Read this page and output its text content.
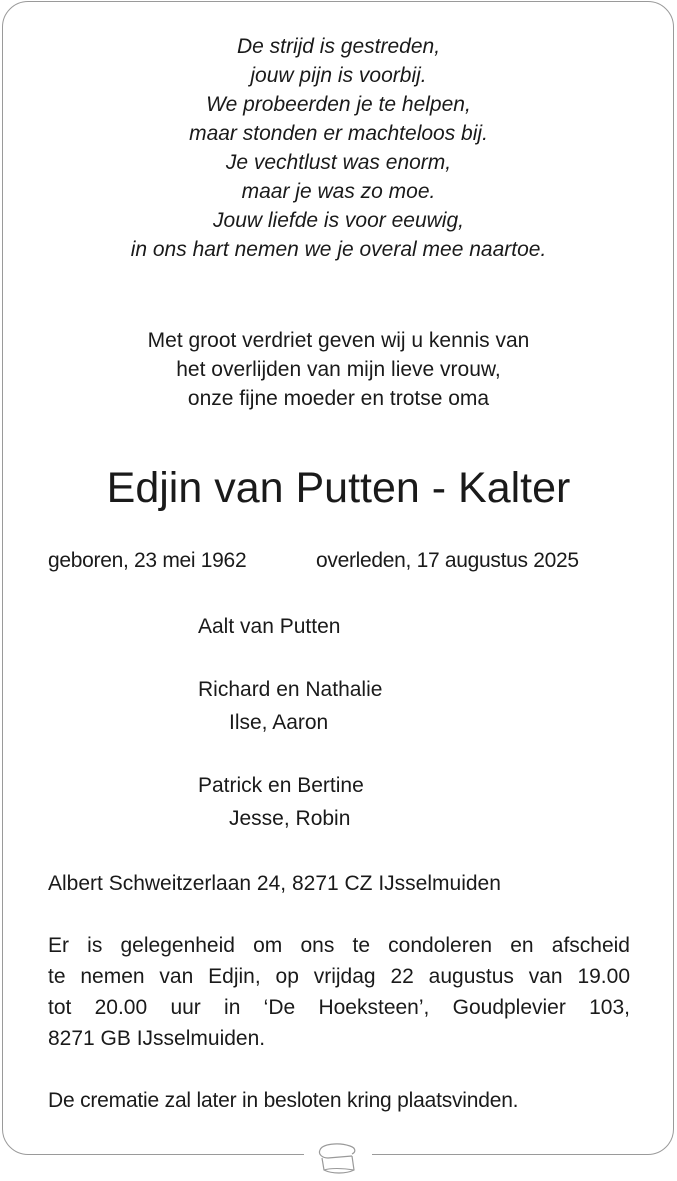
De strijd is gestreden,
jouw pijn is voorbij.
We probeerden je te helpen,
maar stonden er machteloos bij.
Je vechtlust was enorm,
maar je was zo moe.
Jouw liefde is voor eeuwig,
in ons hart nemen we je overal mee naartoe.
Met groot verdriet geven wij u kennis van
het overlijden van mijn lieve vrouw,
onze fijne moeder en trotse oma
Edjin van Putten - Kalter
geboren, 23 mei 1962	overleden, 17 augustus 2025
Aalt van Putten
Richard en Nathalie
Ilse, Aaron
Patrick en Bertine
Jesse, Robin
Albert Schweitzerlaan 24, 8271 CZ IJsselmuiden
Er is gelegenheid om ons te condoleren en afscheid
te nemen van Edjin, op vrijdag 22 augustus van 19.00
tot 20.00 uur in ‘De Hoeksteen’, Goudplevier 103,
8271 GB IJsselmuiden.
De crematie zal later in besloten kring plaatsvinden.
